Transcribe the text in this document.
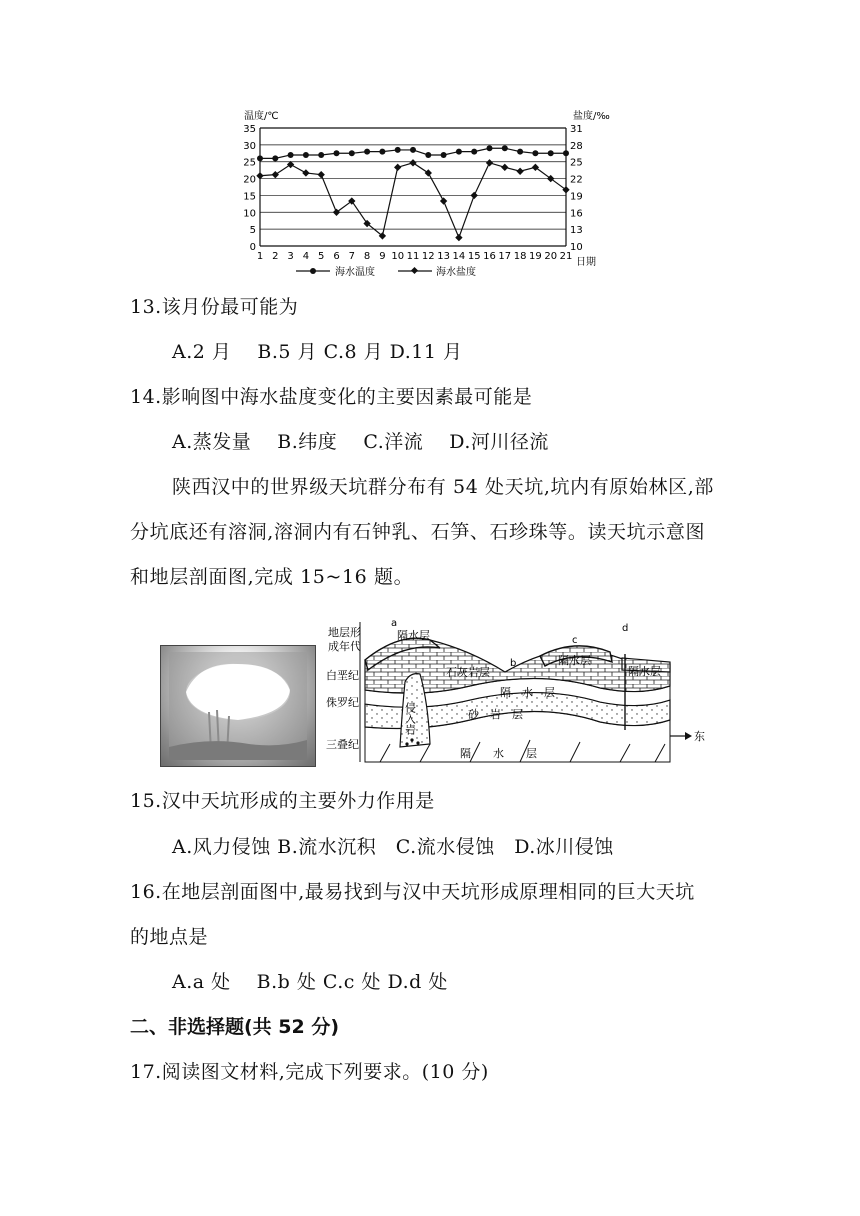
温度/℃	盐度/‰
35
30
25
20
15
10
5
0
31
28
25
22
19
16
13
10
1 2 3 4 5 6 7 8 9 10 11 12 13 14 15 16 17 18 19 20 21
日期
海水温度	海水盐度
13.该月份最可能为
A.2 月　 B.5 月 C.8 月 D.11 月
14.影响图中海水盐度变化的主要因素最可能是
A.蒸发量　 B.纬度　 C.洋流　 D.河川径流
陕西汉中的世界级天坑群分布有 54 处天坑,坑内有原始林区,部
分坑底还有溶洞,溶洞内有石钟乳、石笋、石珍珠等。读天坑示意图
和地层剖面图,完成 15~16 题。
地层形
成年代
白垩纪
侏罗纪
三叠纪
东
a
b
c
d
隔水层
隔水层
隔水层
石灰岩层
隔　水　层
砂　岩　层
隔　　水　　层
侵入岩
15.汉中天坑形成的主要外力作用是
A.风力侵蚀 B.流水沉积　C.流水侵蚀　D.冰川侵蚀
16.在地层剖面图中,最易找到与汉中天坑形成原理相同的巨大天坑
的地点是
A.a 处　 B.b 处 C.c 处 D.d 处
二、非选择题(共 52 分)
17.阅读图文材料,完成下列要求。(10 分)
